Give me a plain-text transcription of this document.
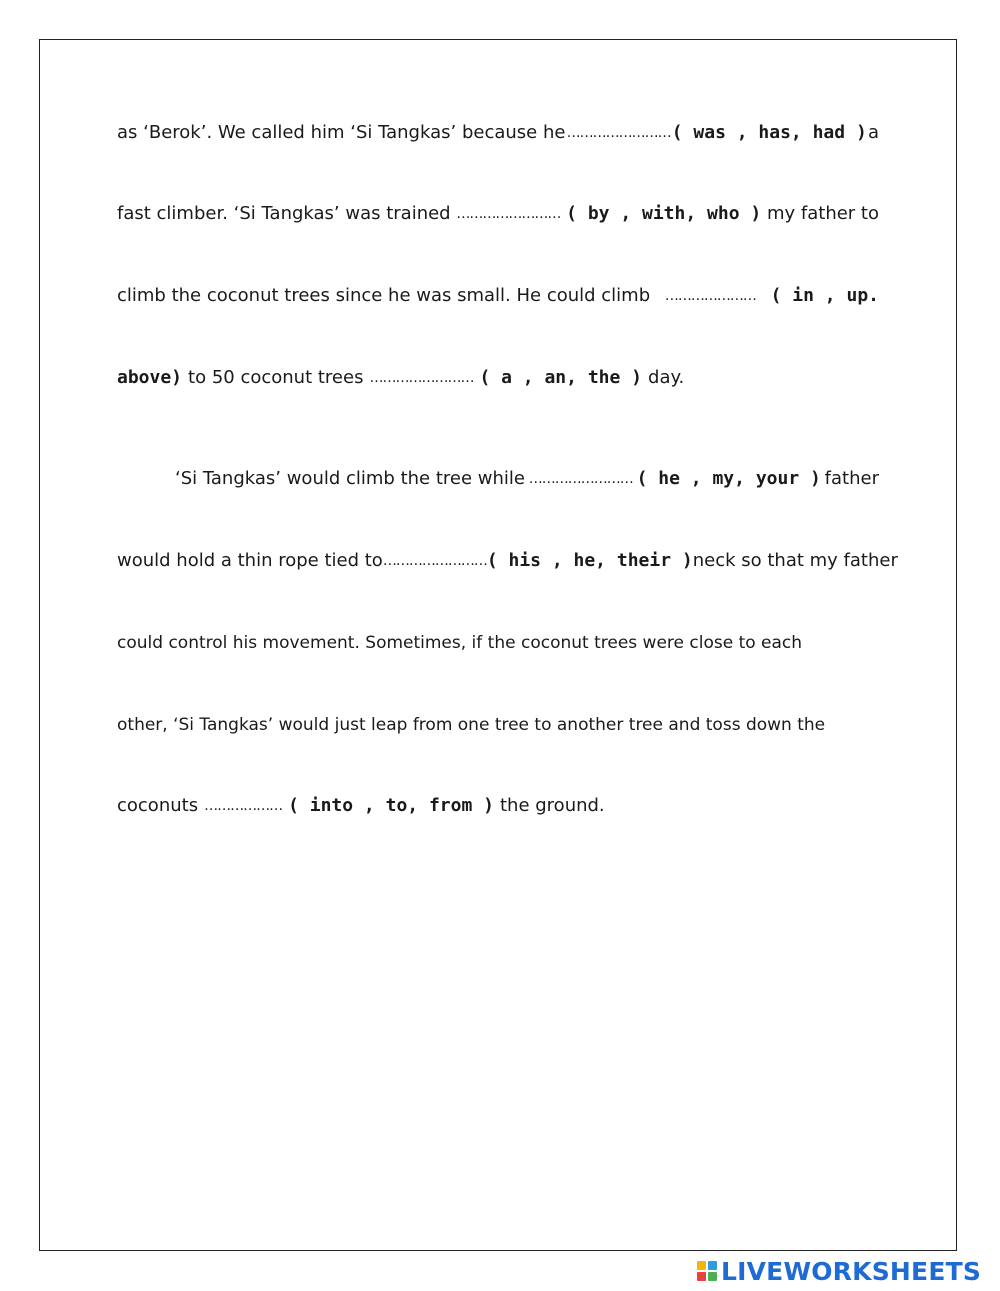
as ‘Berok’. We called him ‘Si Tangkas’ because he …………………… ( was , has, had ) a
fast climber. ‘Si Tangkas’ was trained …………………… ( by , with, who ) my father to
climb the coconut trees since he was small. He could climb ………………… ( in , up.
above) to 50 coconut trees …………………… ( a , an, the ) day.
‘Si Tangkas’ would climb the tree while …………………… ( he , my, your ) father
would hold a thin rope tied to …………………… ( his , he, their ) neck so that my father
could control his movement. Sometimes, if the coconut trees were close to each
other, ‘Si Tangkas’ would just leap from one tree to another tree and toss down the
coconuts ……………… ( into , to, from ) the ground.
LIVEWORKSHEETS
